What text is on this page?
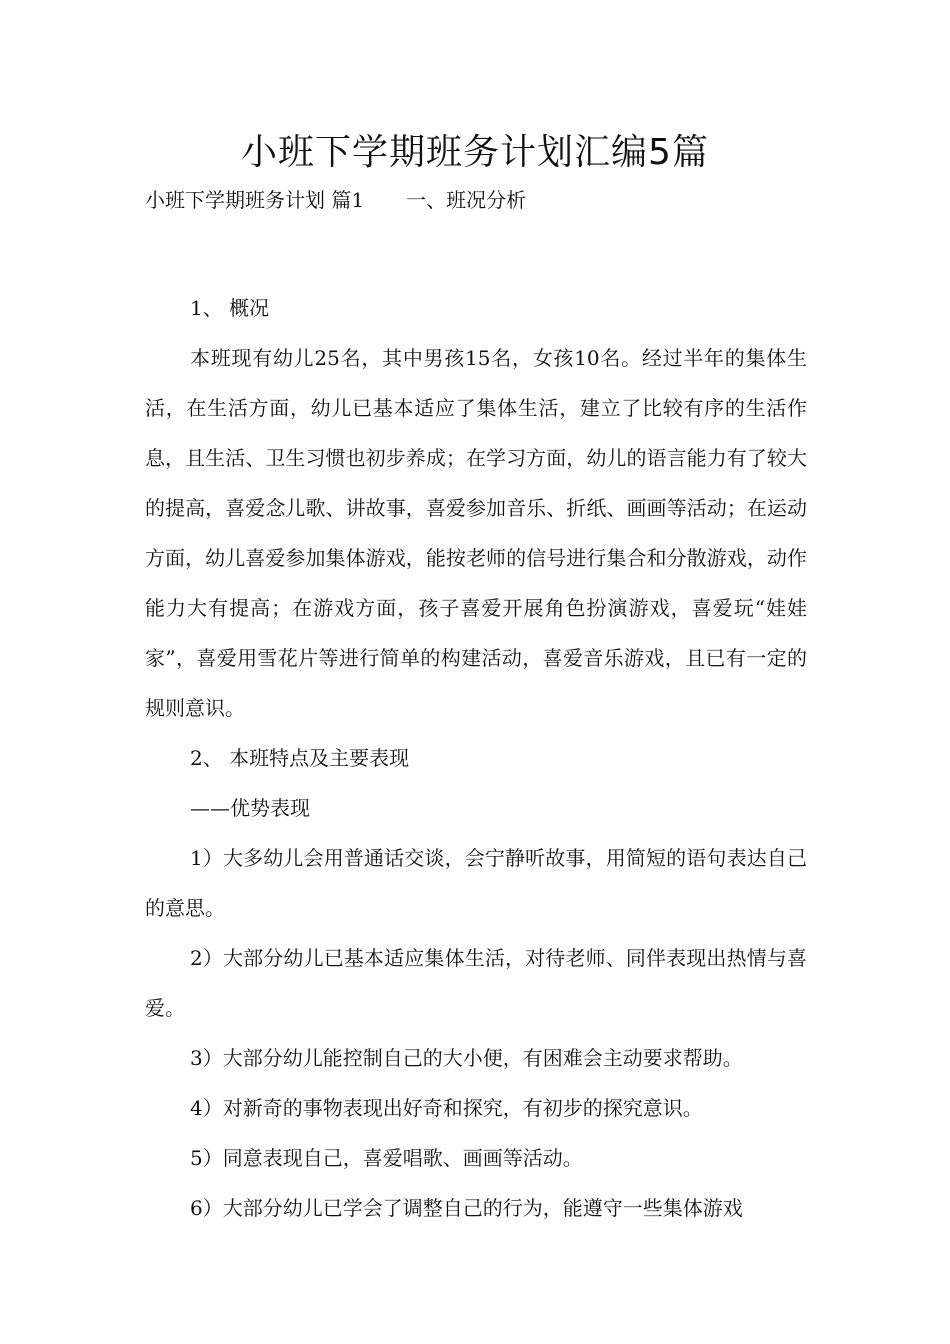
小班下学期班务计划汇编5篇
小班下学期班务计划 篇1 一、班况分析

1、 概况

本班现有幼儿25名，其中男孩15名，女孩10名。经过半年的集体生活，在生活方面，幼儿已基本适应了集体生活，建立了比较有序的生活作息，且生活、卫生习惯也初步养成；在学习方面，幼儿的语言能力有了较大的提高，喜爱念儿歌、讲故事，喜爱参加音乐、折纸、画画等活动；在运动方面，幼儿喜爱参加集体游戏，能按老师的信号进行集合和分散游戏，动作能力大有提高；在游戏方面，孩子喜爱开展角色扮演游戏，喜爱玩“娃娃家”，喜爱用雪花片等进行简单的构建活动，喜爱音乐游戏，且已有一定的规则意识。

2、 本班特点及主要表现

——优势表现

1）大多幼儿会用普通话交谈，会宁静听故事，用简短的语句表达自己的意思。

2）大部分幼儿已基本适应集体生活，对待老师、同伴表现出热情与喜爱。

3）大部分幼儿能控制自己的大小便，有困难会主动要求帮助。

4）对新奇的事物表现出好奇和探究，有初步的探究意识。

5）同意表现自己，喜爱唱歌、画画等活动。

6）大部分幼儿已学会了调整自己的行为，能遵守一些集体游戏
